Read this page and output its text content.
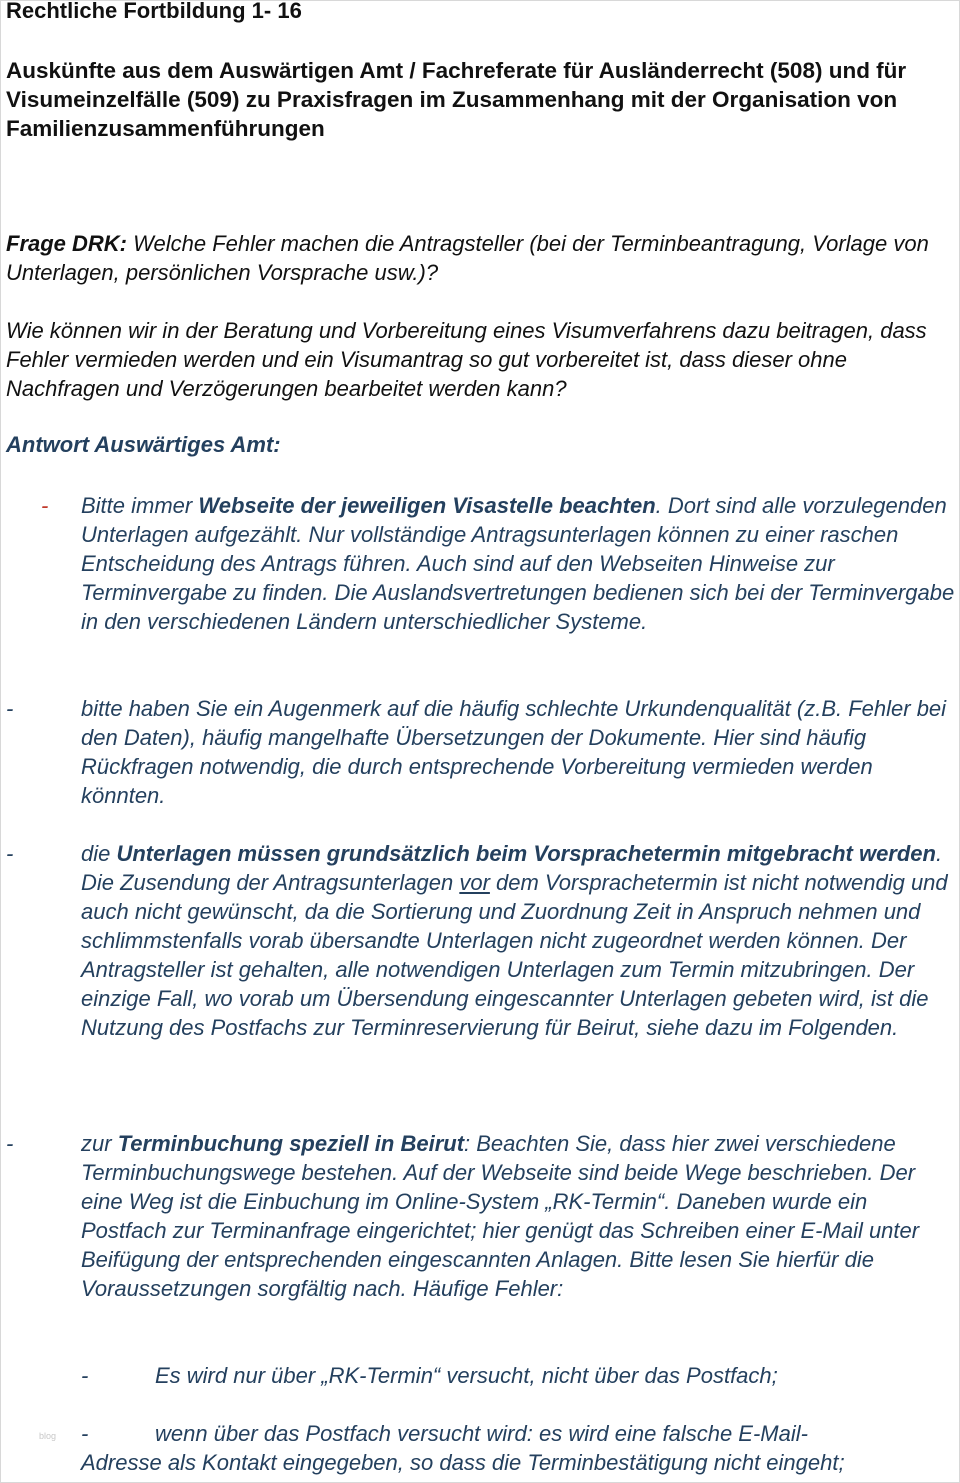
Rechtliche Fortbildung 1- 16
Auskünfte aus dem Auswärtigen Amt / Fachreferate für Ausländerrecht (508) und für Visumeinzelfälle (509) zu Praxisfragen im Zusammenhang mit der Organisation von Familienzusammenführungen
Frage DRK: Welche Fehler machen die Antragsteller (bei der Terminbeantragung, Vorlage von Unterlagen, persönlichen Vorsprache usw.)?
Wie können wir in der Beratung und Vorbereitung eines Visumverfahrens dazu beitragen, dass Fehler vermieden werden und ein Visumantrag so gut vorbereitet ist, dass dieser ohne Nachfragen und Verzögerungen bearbeitet werden kann?
Antwort Auswärtiges Amt:
- Bitte immer Webseite der jeweiligen Visastelle beachten. Dort sind alle vorzulegenden Unterlagen aufgezählt. Nur vollständige Antragsunterlagen können zu einer raschen Entscheidung des Antrags führen. Auch sind auf den Webseiten Hinweise zur Terminvergabe zu finden. Die Auslandsvertretungen bedienen sich bei der Terminvergabe in den verschiedenen Ländern unterschiedlicher Systeme.
-	bitte haben Sie ein Augenmerk auf die häufig schlechte Urkundenqualität (z.B. Fehler bei den Daten), häufig mangelhafte Übersetzungen der Dokumente. Hier sind häufig Rückfragen notwendig, die durch entsprechende Vorbereitung vermieden werden könnten.
-	die Unterlagen müssen grundsätzlich beim Vorsprachetermin mitgebracht werden. Die Zusendung der Antragsunterlagen vor dem Vorsprachetermin ist nicht notwendig und auch nicht gewünscht, da die Sortierung und Zuordnung Zeit in Anspruch nehmen und schlimmstenfalls vorab übersandte Unterlagen nicht zugeordnet werden können. Der Antragsteller ist gehalten, alle notwendigen Unterlagen zum Termin mitzubringen. Der einzige Fall, wo vorab um Übersendung eingescannter Unterlagen gebeten wird, ist die Nutzung des Postfachs zur Terminreservierung für Beirut, siehe dazu im Folgenden.
-	zur Terminbuchung speziell in Beirut: Beachten Sie, dass hier zwei verschiedene Terminbuchungswege bestehen. Auf der Webseite sind beide Wege beschrieben. Der eine Weg ist die Einbuchung im Online-System „RK-Termin“. Daneben wurde ein Postfach zur Terminanfrage eingerichtet; hier genügt das Schreiben einer E-Mail unter Beifügung der entsprechenden eingescannten Anlagen. Bitte lesen Sie hierfür die Voraussetzungen sorgfältig nach. Häufige Fehler:
-	Es wird nur über „RK-Termin“ versucht, nicht über das Postfach;
-	wenn über das Postfach versucht wird: es wird eine falsche E-Mail-
Adresse als Kontakt eingegeben, so dass die Terminbestätigung nicht eingeht;
blog
